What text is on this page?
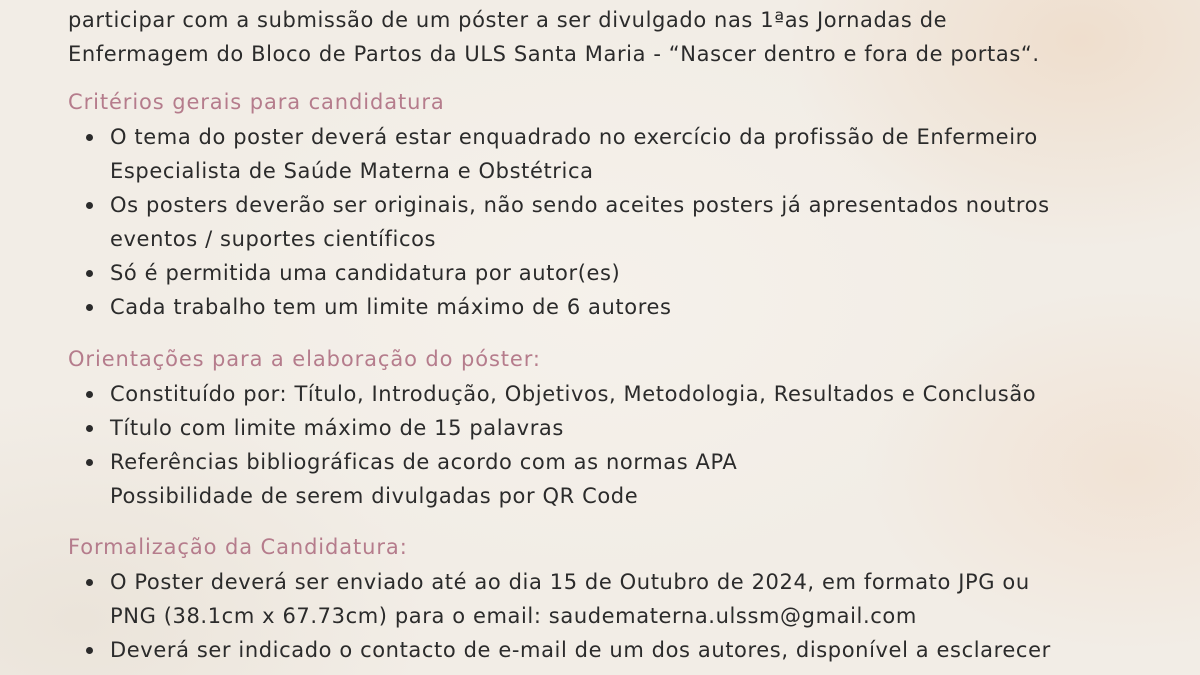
participar com a submissão de um póster a ser divulgado nas 1ªas Jornadas de
Enfermagem do Bloco de Partos da ULS Santa Maria - “Nascer dentro e fora de portas“.

Critérios gerais para candidatura
O tema do poster deverá estar enquadrado no exercício da profissão de Enfermeiro
Especialista de Saúde Materna e Obstétrica
Os posters deverão ser originais, não sendo aceites posters já apresentados noutros
eventos / suportes científicos
Só é permitida uma candidatura por autor(es)
Cada trabalho tem um limite máximo de 6 autores
Orientações para a elaboração do póster:
Constituído por: Título, Introdução, Objetivos, Metodologia, Resultados e Conclusão
Título com limite máximo de 15 palavras
Referências bibliográficas de acordo com as normas APA
Possibilidade de serem divulgadas por QR Code
Formalização da Candidatura:
O Poster deverá ser enviado até ao dia 15 de Outubro de 2024, em formato JPG ou
PNG (38.1cm x 67.73cm) para o email: saudematerna.ulssm@gmail.com
Deverá ser indicado o contacto de e-mail de um dos autores, disponível a esclarecer
